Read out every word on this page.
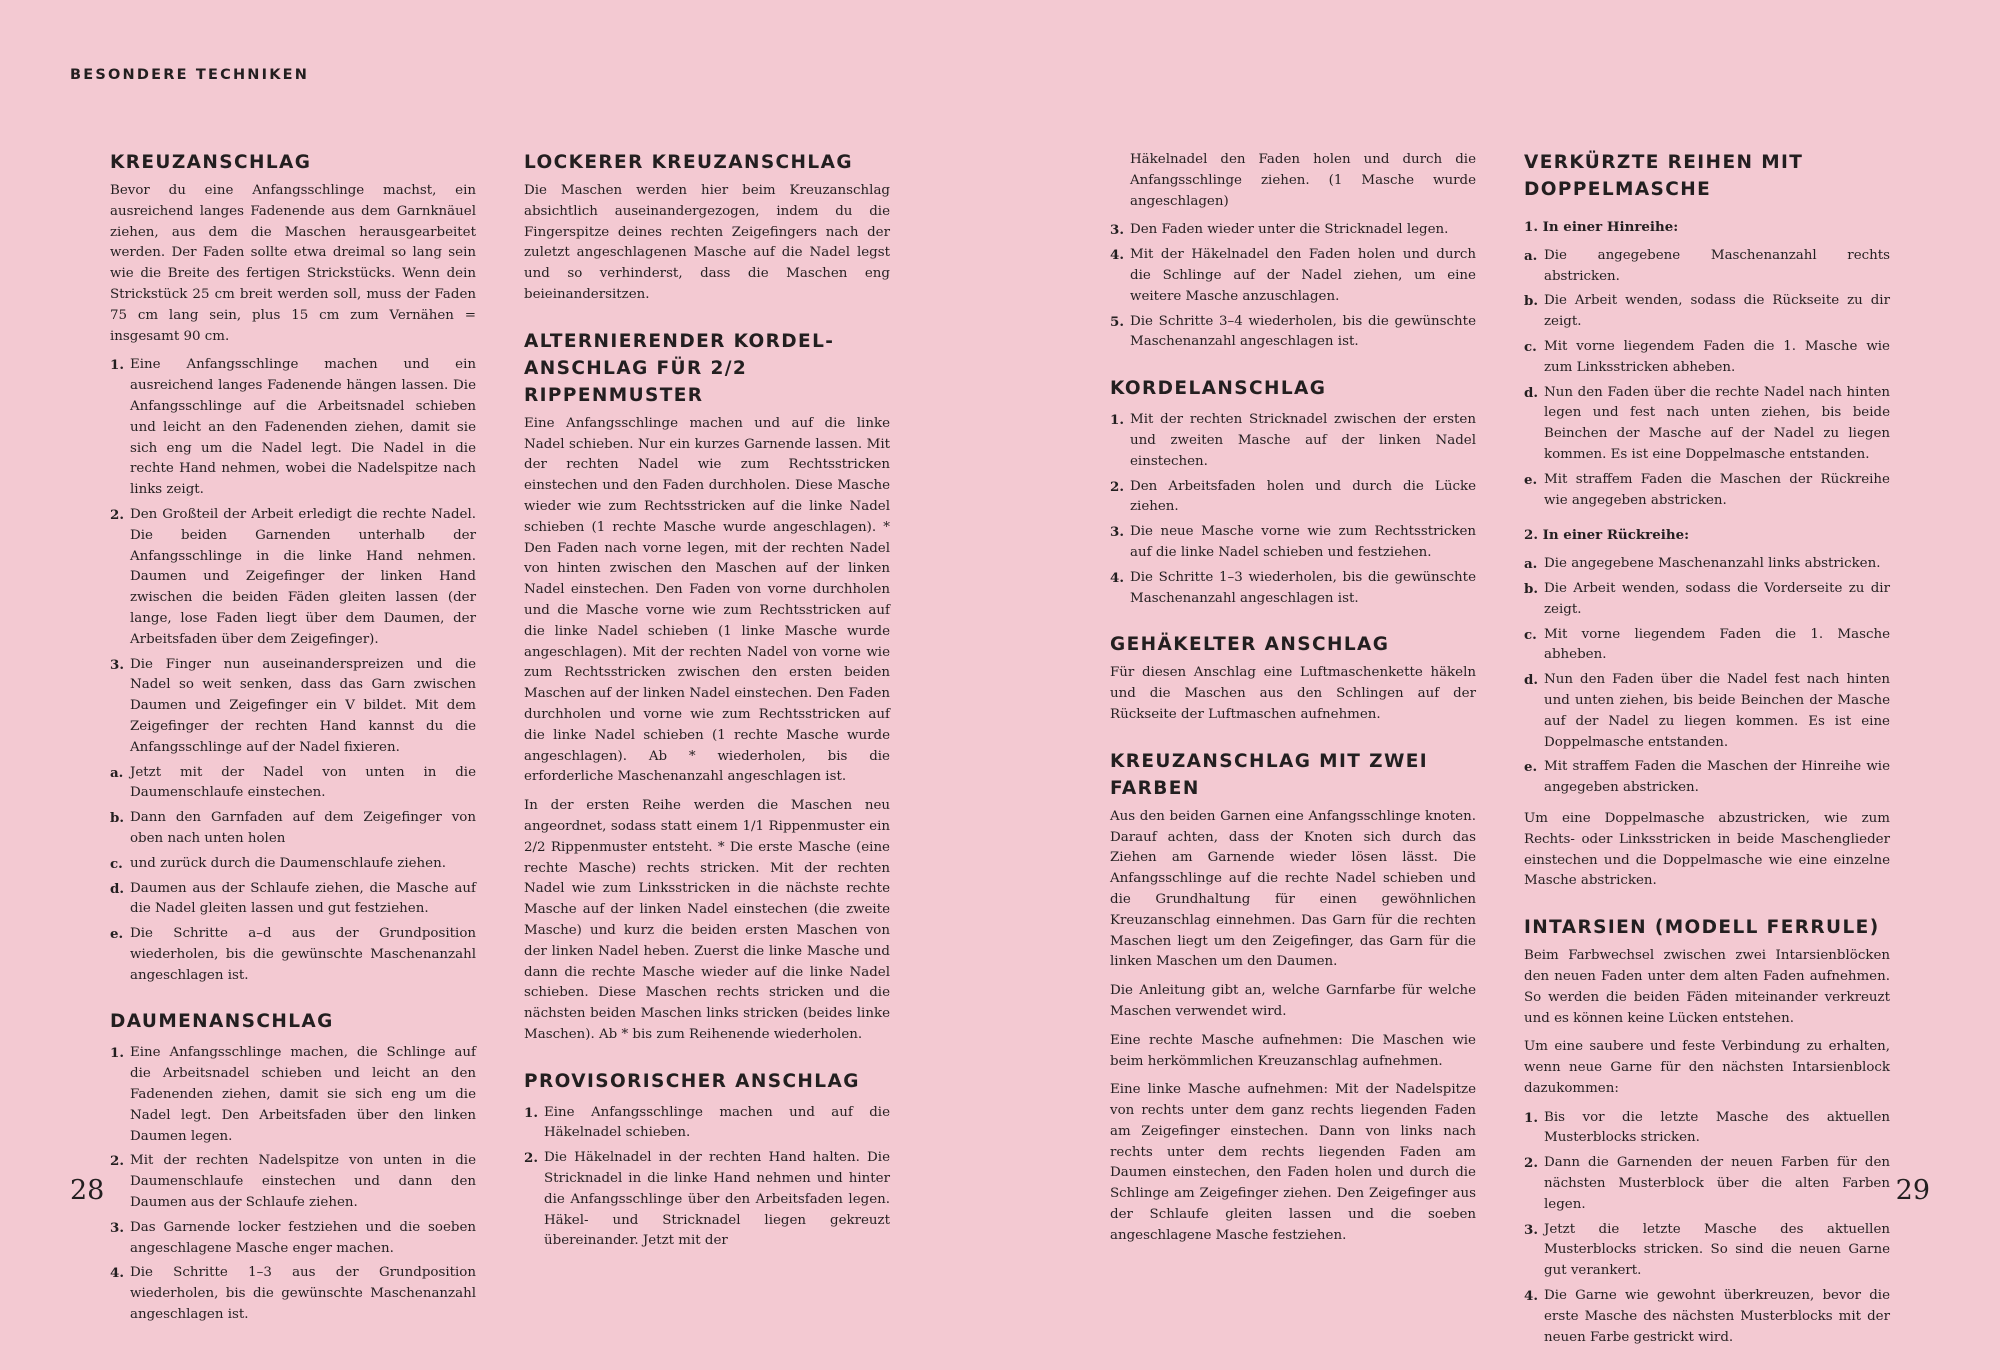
BESONDERE TECHNIKEN
KREUZANSCHLAG

Bevor du eine Anfangsschlinge machst, ein ausreichend langes Fadenende aus dem Garnknäuel ziehen, aus dem die Maschen herausgearbeitet werden. Der Faden sollte etwa dreimal so lang sein wie die Breite des fertigen Strickstücks. Wenn dein Strickstück 25 cm breit werden soll, muss der Faden 75 cm lang sein, plus 15 cm zum Vernähen = insgesamt 90 cm.

1. Eine Anfangsschlinge machen und ein ausreichend langes Fadenende hängen lassen. Die Anfangsschlinge auf die Arbeitsnadel schieben und leicht an den Fadenenden ziehen, damit sie sich eng um die Nadel legt. Die Nadel in die rechte Hand nehmen, wobei die Nadelspitze nach links zeigt.
2. Den Großteil der Arbeit erledigt die rechte Nadel. Die beiden Garnenden unterhalb der Anfangsschlinge in die linke Hand nehmen. Daumen und Zeigefinger der linken Hand zwischen die beiden Fäden gleiten lassen (der lange, lose Faden liegt über dem Daumen, der Arbeitsfaden über dem Zeigefinger).
3. Die Finger nun auseinanderspreizen und die Nadel so weit senken, dass das Garn zwischen Daumen und Zeigefinger ein V bildet. Mit dem Zeigefinger der rechten Hand kannst du die Anfangsschlinge auf der Nadel fixieren.
a. Jetzt mit der Nadel von unten in die Daumenschlaufe einstechen.
b. Dann den Garnfaden auf dem Zeigefinger von oben nach unten holen
c. und zurück durch die Daumenschlaufe ziehen.
d. Daumen aus der Schlaufe ziehen, die Masche auf die Nadel gleiten lassen und gut festziehen.
e. Die Schritte a–d aus der Grundposition wiederholen, bis die gewünschte Maschenanzahl angeschlagen ist.
DAUMENANSCHLAG
1. Eine Anfangsschlinge machen, die Schlinge auf die Arbeitsnadel schieben und leicht an den Fadenenden ziehen, damit sie sich eng um die Nadel legt. Den Arbeitsfaden über den linken Daumen legen.
2. Mit der rechten Nadelspitze von unten in die Daumenschlaufe einstechen und dann den Daumen aus der Schlaufe ziehen.
3. Das Garnende locker festziehen und die soeben angeschlagene Masche enger machen.
4. Die Schritte 1–3 aus der Grundposition wiederholen, bis die gewünschte Maschenanzahl angeschlagen ist.
LOCKERER KREUZANSCHLAG

Die Maschen werden hier beim Kreuzanschlag absichtlich auseinandergezogen, indem du die Fingerspitze deines rechten Zeigefingers nach der zuletzt angeschlagenen Masche auf die Nadel legst und so verhinderst, dass die Maschen eng beieinandersitzen.

ALTERNIERENDER KORDEL-ANSCHLAG FÜR 2/2 RIPPENMUSTER

Eine Anfangsschlinge machen und auf die linke Nadel schieben. Nur ein kurzes Garnende lassen. Mit der rechten Nadel wie zum Rechtsstricken einstechen und den Faden durchholen. Diese Masche wieder wie zum Rechtsstricken auf die linke Nadel schieben (1 rechte Masche wurde angeschlagen). * Den Faden nach vorne legen, mit der rechten Nadel von hinten zwischen den Maschen auf der linken Nadel einstechen. Den Faden von vorne durchholen und die Masche vorne wie zum Rechtsstricken auf die linke Nadel schieben (1 linke Masche wurde angeschlagen). Mit der rechten Nadel von vorne wie zum Rechtsstricken zwischen den ersten beiden Maschen auf der linken Nadel einstechen. Den Faden durchholen und vorne wie zum Rechtsstricken auf die linke Nadel schieben (1 rechte Masche wurde angeschlagen). Ab * wiederholen, bis die erforderliche Maschenanzahl angeschlagen ist.

In der ersten Reihe werden die Maschen neu angeordnet, sodass statt einem 1/1 Rippenmuster ein 2/2 Rippenmuster entsteht. * Die erste Masche (eine rechte Masche) rechts stricken. Mit der rechten Nadel wie zum Linksstricken in die nächste rechte Masche auf der linken Nadel einstechen (die zweite Masche) und kurz die beiden ersten Maschen von der linken Nadel heben. Zuerst die linke Masche und dann die rechte Masche wieder auf die linke Nadel schieben. Diese Maschen rechts stricken und die nächsten beiden Maschen links stricken (beides linke Maschen). Ab * bis zum Reihenende wiederholen.

PROVISORISCHER ANSCHLAG
1. Eine Anfangsschlinge machen und auf die Häkelnadel schieben.
2. Die Häkelnadel in der rechten Hand halten. Die Stricknadel in die linke Hand nehmen und hinter die Anfangsschlinge über den Arbeitsfaden legen. Häkel- und Stricknadel liegen gekreuzt übereinander. Jetzt mit der
Häkelnadel den Faden holen und durch die Anfangsschlinge ziehen. (1 Masche wurde angeschlagen)
3. Den Faden wieder unter die Stricknadel legen.
4. Mit der Häkelnadel den Faden holen und durch die Schlinge auf der Nadel ziehen, um eine weitere Masche anzuschlagen.
5. Die Schritte 3–4 wiederholen, bis die gewünschte Maschenanzahl angeschlagen ist.
KORDELANSCHLAG
1. Mit der rechten Stricknadel zwischen der ersten und zweiten Masche auf der linken Nadel einstechen.
2. Den Arbeitsfaden holen und durch die Lücke ziehen.
3. Die neue Masche vorne wie zum Rechtsstricken auf die linke Nadel schieben und festziehen.
4. Die Schritte 1–3 wiederholen, bis die gewünschte Maschenanzahl angeschlagen ist.
GEHÄKELTER ANSCHLAG

Für diesen Anschlag eine Luftmaschenkette häkeln und die Maschen aus den Schlingen auf der Rückseite der Luftmaschen aufnehmen.

KREUZANSCHLAG MIT ZWEI FARBEN

Aus den beiden Garnen eine Anfangsschlinge knoten. Darauf achten, dass der Knoten sich durch das Ziehen am Garnende wieder lösen lässt. Die Anfangsschlinge auf die rechte Nadel schieben und die Grundhaltung für einen gewöhnlichen Kreuzanschlag einnehmen. Das Garn für die rechten Maschen liegt um den Zeigefinger, das Garn für die linken Maschen um den Daumen.

Die Anleitung gibt an, welche Garnfarbe für welche Maschen verwendet wird.

Eine rechte Masche aufnehmen: Die Maschen wie beim herkömmlichen Kreuzanschlag aufnehmen.

Eine linke Masche aufnehmen: Mit der Nadelspitze von rechts unter dem ganz rechts liegenden Faden am Zeigefinger einstechen. Dann von links nach rechts unter dem rechts liegenden Faden am Daumen einstechen, den Faden holen und durch die Schlinge am Zeigefinger ziehen. Den Zeigefinger aus der Schlaufe gleiten lassen und die soeben angeschlagene Masche festziehen.

VERKÜRZTE REIHEN MIT DOPPELMASCHE
1. In einer Hinreihe:
a. Die angegebene Maschenanzahl rechts abstricken.
b. Die Arbeit wenden, sodass die Rückseite zu dir zeigt.
c. Mit vorne liegendem Faden die 1. Masche wie zum Linksstricken abheben.
d. Nun den Faden über die rechte Nadel nach hinten legen und fest nach unten ziehen, bis beide Beinchen der Masche auf der Nadel zu liegen kommen. Es ist eine Doppelmasche entstanden.
e. Mit straffem Faden die Maschen der Rückreihe wie angegeben abstricken.
2. In einer Rückreihe:
a. Die angegebene Maschenanzahl links abstricken.
b. Die Arbeit wenden, sodass die Vorderseite zu dir zeigt.
c. Mit vorne liegendem Faden die 1. Masche abheben.
d. Nun den Faden über die Nadel fest nach hinten und unten ziehen, bis beide Beinchen der Masche auf der Nadel zu liegen kommen. Es ist eine Doppelmasche entstanden.
e. Mit straffem Faden die Maschen der Hinreihe wie angegeben abstricken.

Um eine Doppelmasche abzustricken, wie zum Rechts- oder Linksstricken in beide Maschenglieder einstechen und die Doppelmasche wie eine einzelne Masche abstricken.

INTARSIEN (MODELL FERRULE)

Beim Farbwechsel zwischen zwei Intarsienblöcken den neuen Faden unter dem alten Faden aufnehmen. So werden die beiden Fäden miteinander verkreuzt und es können keine Lücken entstehen.

Um eine saubere und feste Verbindung zu erhalten, wenn neue Garne für den nächsten Intarsienblock dazukommen:

1. Bis vor die letzte Masche des aktuellen Musterblocks stricken.
2. Dann die Garnenden der neuen Farben für den nächsten Musterblock über die alten Farben legen.
3. Jetzt die letzte Masche des aktuellen Musterblocks stricken. So sind die neuen Garne gut verankert.
4. Die Garne wie gewohnt überkreuzen, bevor die erste Masche des nächsten Musterblocks mit der neuen Farbe gestrickt wird.
28	29
